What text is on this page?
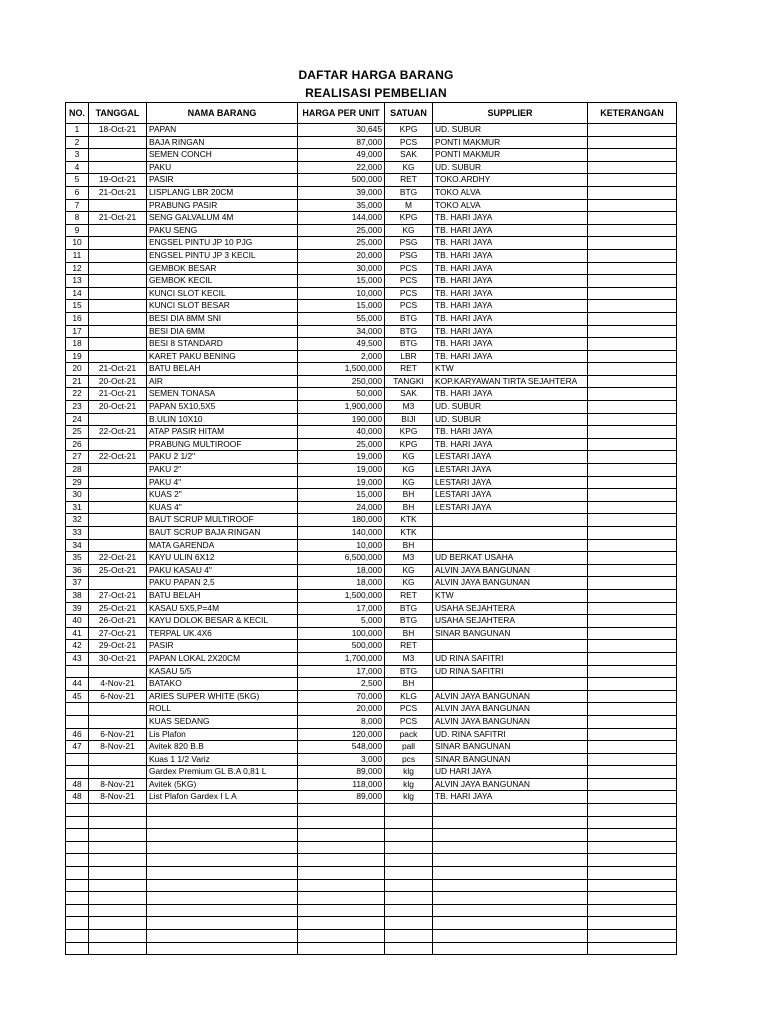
DAFTAR HARGA BARANG
REALISASI PEMBELIAN
NO.	TANGGAL	NAMA BARANG	HARGA PER UNIT	SATUAN	SUPPLIER	KETERANGAN
1	18-Oct-21	PAPAN	30,645	KPG	UD. SUBUR	
2		BAJA RINGAN	87,000	PCS	PONTI MAKMUR	
3		SEMEN CONCH	49,000	SAK	PONTI MAKMUR	
4		PAKU	22,000	KG	UD. SUBUR	
5	19-Oct-21	PASIR	500,000	RET	TOKO.ARDHY	
6	21-Oct-21	LISPLANG LBR 20CM	39,000	BTG	TOKO ALVA	
7		PRABUNG PASIR	35,000	M	TOKO ALVA	
8	21-Oct-21	SENG GALVALUM 4M	144,000	KPG	TB. HARI JAYA	
9		PAKU SENG	25,000	KG	TB. HARI JAYA	
10		ENGSEL PINTU JP 10 PJG	25,000	PSG	TB. HARI JAYA	
11		ENGSEL PINTU JP 3 KECIL	20,000	PSG	TB. HARI JAYA	
12		GEMBOK BESAR	30,000	PCS	TB. HARI JAYA	
13		GEMBOK KECIL	15,000	PCS	TB. HARI JAYA	
14		KUNCI SLOT KECIL	10,000	PCS	TB. HARI JAYA	
15		KUNCI SLOT BESAR	15,000	PCS	TB. HARI JAYA	
16		BESI DIA 8MM SNI	55,000	BTG	TB. HARI JAYA	
17		BESI DIA 6MM	34,000	BTG	TB. HARI JAYA	
18		BESI 8 STANDARD	49,500	BTG	TB. HARI JAYA	
19		KARET PAKU BENING	2,000	LBR	TB. HARI JAYA	
20	21-Oct-21	BATU BELAH	1,500,000	RET	KTW	
21	20-Oct-21	AIR	250,000	TANGKI	KOP.KARYAWAN TIRTA SEJAHTERA	
22	21-Oct-21	SEMEN TONASA	50,000	SAK	TB. HARI JAYA	
23	20-Oct-21	PAPAN 5X10,5X5	1,900,000	M3	UD. SUBUR	
24		B.ULIN 10X10	190,000	BIJI	UD. SUBUR	
25	22-Oct-21	ATAP PASIR HITAM	40,000	KPG	TB. HARI JAYA	
26		PRABUNG MULTIROOF	25,000	KPG	TB. HARI JAYA	
27	22-Oct-21	PAKU 2 1/2"	19,000	KG	LESTARI JAYA	
28		PAKU 2"	19,000	KG	LESTARI JAYA	
29		PAKU 4"	19,000	KG	LESTARI JAYA	
30		KUAS 2"	15,000	BH	LESTARI JAYA	
31		KUAS 4"	24,000	BH	LESTARI JAYA	
32		BAUT SCRUP MULTIROOF	180,000	KTK		
33		BAUT SCRUP BAJA RINGAN	140,000	KTK		
34		MATA GARENDA	10,000	BH		
35	22-Oct-21	KAYU ULIN 6X12	6,500,000	M3	UD BERKAT USAHA	
36	25-Oct-21	PAKU KASAU 4"	18,000	KG	ALVIN JAYA BANGUNAN	
37		PAKU PAPAN 2,5	18,000	KG	ALVIN JAYA BANGUNAN	
38	27-Oct-21	BATU BELAH	1,500,000	RET	KTW	
39	25-Oct-21	KASAU 5X5,P=4M	17,000	BTG	USAHA SEJAHTERA	
40	26-Oct-21	KAYU DOLOK BESAR & KECIL	5,000	BTG	USAHA SEJAHTERA	
41	27-Oct-21	TERPAL UK.4X6	100,000	BH	SINAR BANGUNAN	
42	29-Oct-21	PASIR	500,000	RET		
43	30-Oct-21	PAPAN LOKAL 2X20CM	1,700,000	M3	UD RINA SAFITRI	
		KASAU 5/5	17,000	BTG	UD RINA SAFITRI	
44	4-Nov-21	BATAKO	2,500	BH		
45	6-Nov-21	ARIES SUPER WHITE (5KG)	70,000	KLG	ALVIN JAYA BANGUNAN	
		ROLL	20,000	PCS	ALVIN JAYA BANGUNAN	
		KUAS SEDANG	8,000	PCS	ALVIN JAYA BANGUNAN	
46	6-Nov-21	Lis Plafon	120,000	pack	UD. RINA SAFITRI	
47	8-Nov-21	Avitek 820 B.B	548,000	pall	SINAR BANGUNAN	
		Kuas 1 1/2 Variz	3,000	pcs	SINAR BANGUNAN	
		Gardex Premium GL B.A 0,81 L	89,000	klg	UD HARI JAYA	
48	8-Nov-21	Avitek (5KG)	118,000	klg	ALVIN JAYA BANGUNAN	
48	8-Nov-21	List Plafon Gardex I L A	89,000	klg	TB. HARI JAYA	
